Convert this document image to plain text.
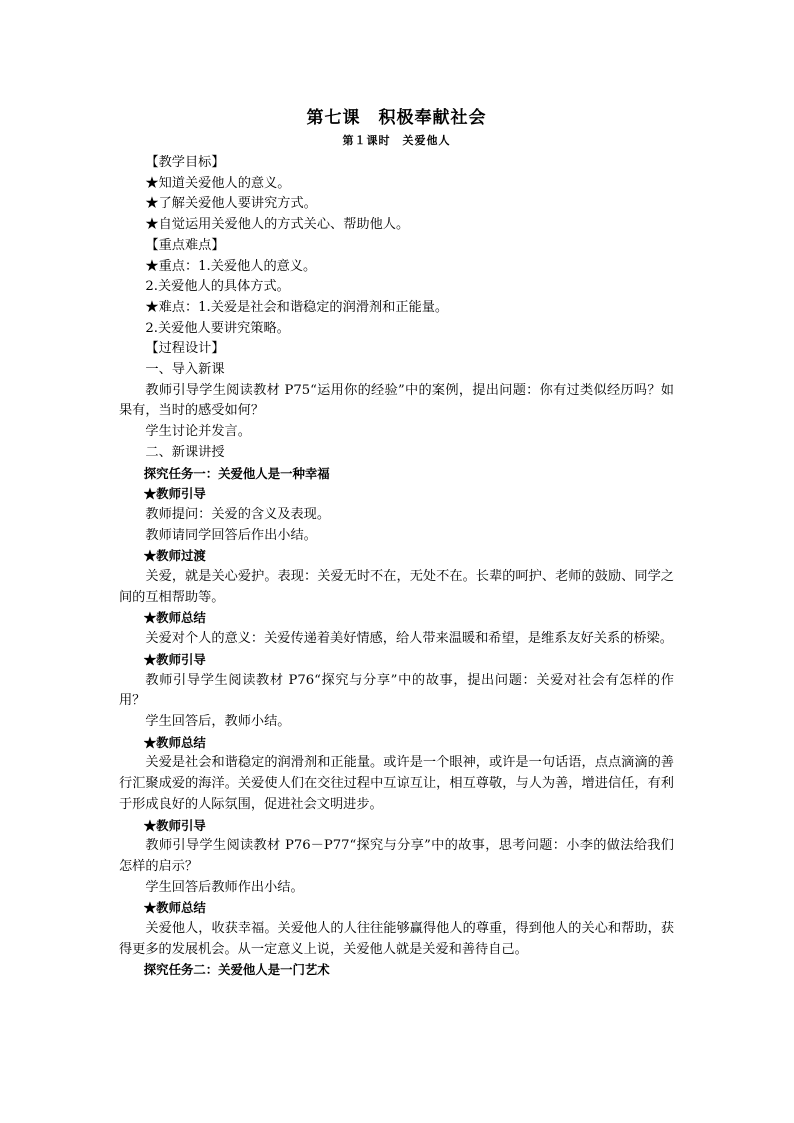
第七课　积极奉献社会
第１课时　关爱他人

【教学目标】

★知道关爱他人的意义。

★了解关爱他人要讲究方式。

★自觉运用关爱他人的方式关心、帮助他人。

【重点难点】

★重点：1.关爱他人的意义。

2.关爱他人的具体方式。

★难点：1.关爱是社会和谐稳定的润滑剂和正能量。

2.关爱他人要讲究策略。

【过程设计】

一、导入新课

教师引导学生阅读教材 P75“运用你的经验”中的案例，提出问题：你有过类似经历吗？如果有，当时的感受如何？

学生讨论并发言。

二、新课讲授

探究任务一：关爱他人是一种幸福

★教师引导

教师提问：关爱的含义及表现。

教师请同学回答后作出小结。

★教师过渡

关爱，就是关心爱护。表现：关爱无时不在，无处不在。长辈的呵护、老师的鼓励、同学之间的互相帮助等。

★教师总结

关爱对个人的意义：关爱传递着美好情感，给人带来温暖和希望，是维系友好关系的桥梁。

★教师引导

教师引导学生阅读教材 P76“探究与分享”中的故事，提出问题：关爱对社会有怎样的作用？

学生回答后，教师小结。

★教师总结

关爱是社会和谐稳定的润滑剂和正能量。或许是一个眼神，或许是一句话语，点点滴滴的善行汇聚成爱的海洋。关爱使人们在交往过程中互谅互让，相互尊敬，与人为善，增进信任，有利于形成良好的人际氛围，促进社会文明进步。

★教师引导

教师引导学生阅读教材 P76－P77“探究与分享”中的故事，思考问题：小李的做法给我们怎样的启示？

学生回答后教师作出小结。

★教师总结

关爱他人，收获幸福。关爱他人的人往往能够赢得他人的尊重，得到他人的关心和帮助，获得更多的发展机会。从一定意义上说，关爱他人就是关爱和善待自己。

探究任务二：关爱他人是一门艺术
